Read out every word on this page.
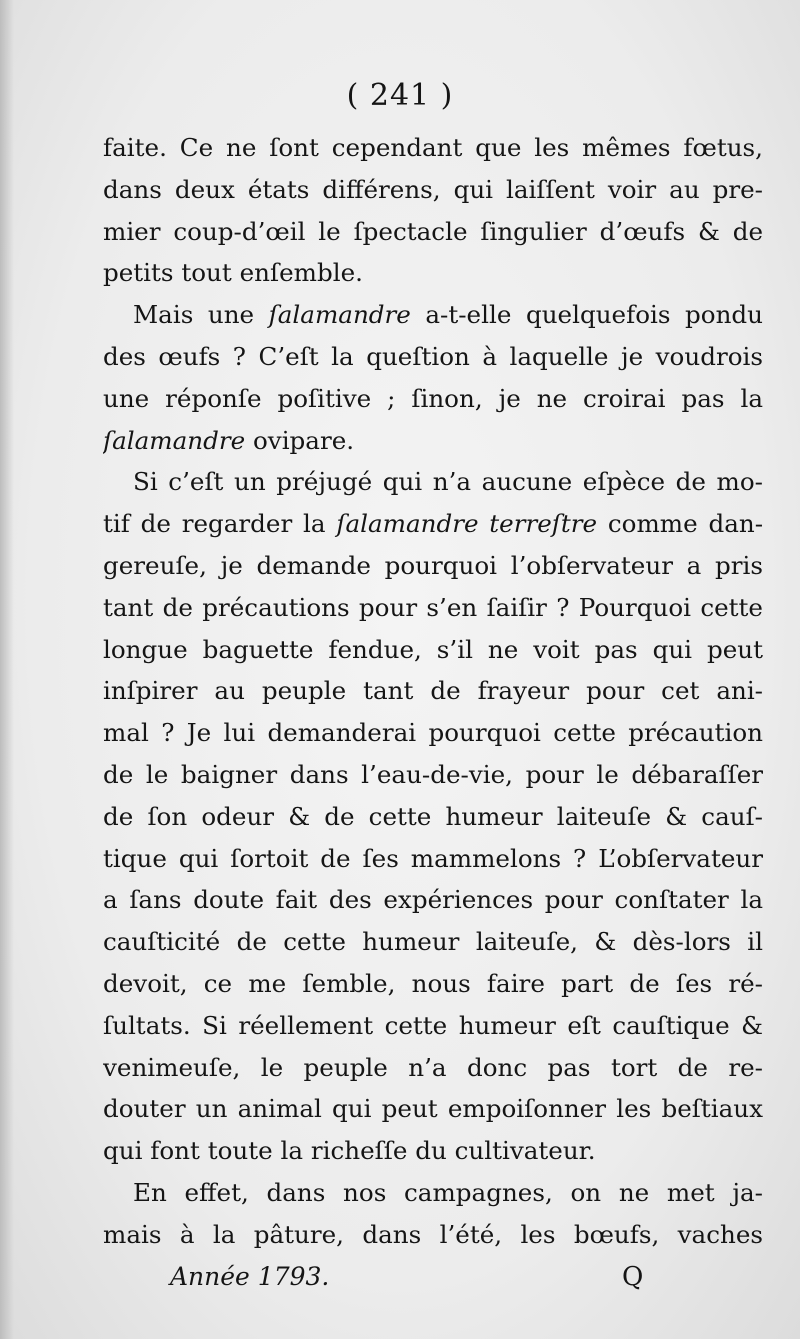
( 241 )
faite. Ce ne ſont cependant que les mêmes fœtus,
dans deux états différens, qui laiſſent voir au pre-
mier coup-d’œil le ſpectacle ſingulier d’œufs & de
petits tout enſemble.
Mais une ſalamandre a-t-elle quelquefois pondu
des œufs ? C’eſt la queſtion à laquelle je voudrois
une réponſe poſitive ; ſinon, je ne croirai pas la
ſalamandre ovipare.
Si c’eſt un préjugé qui n’a aucune eſpèce de mo-
tif de regarder la ſalamandre terreſtre comme dan-
gereuſe, je demande pourquoi l’obſervateur a pris
tant de précautions pour s’en ſaiſir ? Pourquoi cette
longue baguette fendue, s’il ne voit pas qui peut
inſpirer au peuple tant de frayeur pour cet ani-
mal ? Je lui demanderai pourquoi cette précaution
de le baigner dans l’eau-de-vie, pour le débaraſſer
de ſon odeur & de cette humeur laiteuſe & cauſ-
tique qui ſortoit de ſes mammelons ? L’obſervateur
a ſans doute fait des expériences pour conſtater la
cauſticité de cette humeur laiteuſe, & dès-lors il
devoit, ce me ſemble, nous faire part de ſes ré-
ſultats. Si réellement cette humeur eſt cauſtique &
venimeuſe, le peuple n’a donc pas tort de re-
douter un animal qui peut empoiſonner les beſtiaux
qui font toute la richeſſe du cultivateur.
En effet, dans nos campagnes, on ne met ja-
mais à la pâture, dans l’été, les bœufs, vaches
Année 1793.	Q
